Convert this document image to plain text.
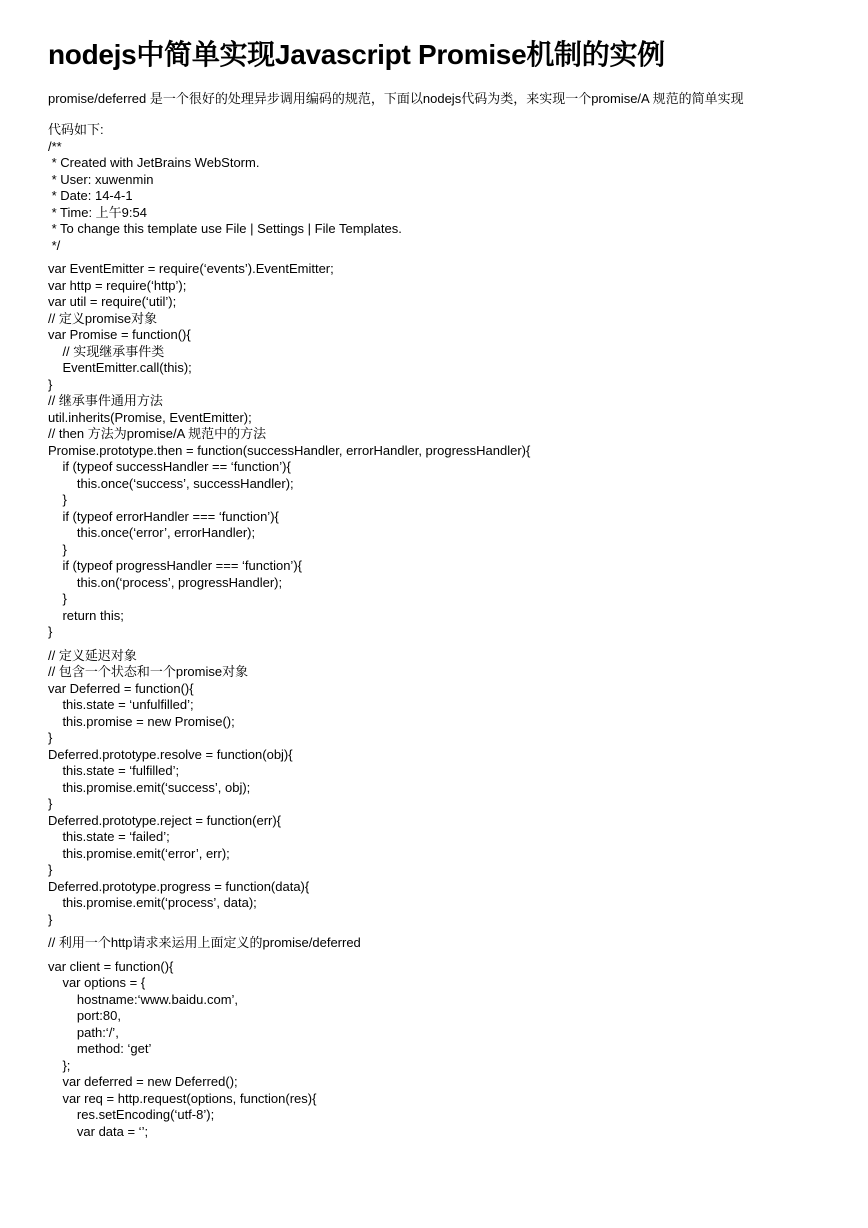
nodejs中简单实现Javascript Promise机制的实例

promise/deferred 是一个很好的处理异步调用编码的规范，下面以nodejs代码为类，来实现一个promise/A 规范的简单实现

代码如下:
/**
* Created with JetBrains WebStorm.
* User: xuwenmin
* Date: 14-4-1
* Time: 上午9:54
* To change this template use File | Settings | File Templates.
*/
var EventEmitter = require(‘events’).EventEmitter;
var http = require(‘http’);
var util = require(‘util’);
// 定义promise对象
var Promise = function(){
// 实现继承事件类
EventEmitter.call(this);
}
// 继承事件通用方法
util.inherits(Promise, EventEmitter);
// then 方法为promise/A 规范中的方法
Promise.prototype.then = function(successHandler, errorHandler, progressHandler){
if (typeof successHandler == ‘function’){
this.once(‘success’, successHandler);
}
if (typeof errorHandler === ‘function’){
this.once(‘error’, errorHandler);
}
if (typeof progressHandler === ‘function’){
this.on(‘process’, progressHandler);
}
return this;
}
// 定义延迟对象
// 包含一个状态和一个promise对象
var Deferred = function(){
this.state = ‘unfulfilled’;
this.promise = new Promise();
}
Deferred.prototype.resolve = function(obj){
this.state = ‘fulfilled’;
this.promise.emit(‘success’, obj);
}
Deferred.prototype.reject = function(err){
this.state = ‘failed’;
this.promise.emit(‘error’, err);
}
Deferred.prototype.progress = function(data){
this.promise.emit(‘process’, data);
}
// 利用一个http请求来运用上面定义的promise/deferred
var client = function(){
var options = {
hostname:‘www.baidu.com’,
port:80,
path:‘/’,
method: ‘get’
};
var deferred = new Deferred();
var req = http.request(options, function(res){
res.setEncoding(‘utf-8’);
var data = ‘’;
